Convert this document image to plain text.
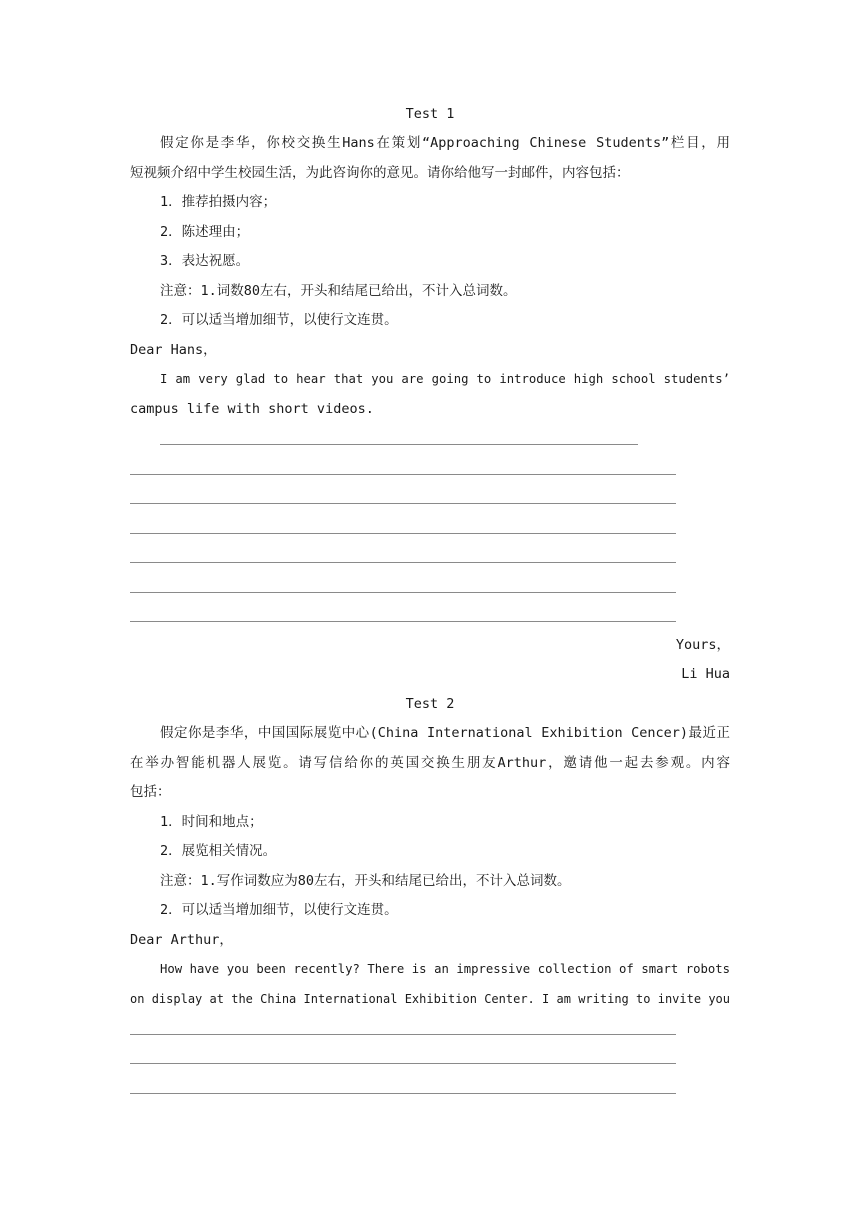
Test 1
假定你是李华，你校交换生Hans在策划“Approaching Chinese Students”栏目，用
短视频介绍中学生校园生活，为此咨询你的意见。请你给他写一封邮件，内容包括：
1．推荐拍摄内容；
2．陈述理由；
3．表达祝愿。
注意：1.词数80左右，开头和结尾已给出，不计入总词数。
2．可以适当增加细节，以使行文连贯。
Dear Hans，
I am very glad to hear that you are going to introduce high school students’
campus life with short videos.
Yours，
Li Hua
Test 2
假定你是李华，中国国际展览中心(China International Exhibition Cencer)最近正
在举办智能机器人展览。请写信给你的英国交换生朋友Arthur，邀请他一起去参观。内容
包括：
1．时间和地点；
2．展览相关情况。
注意：1.写作词数应为80左右，开头和结尾已给出，不计入总词数。
2．可以适当增加细节，以使行文连贯。
Dear Arthur，
How have you been recently? There is an impressive collection of smart robots
on display at the China International Exhibition Center. I am writing to invite you
